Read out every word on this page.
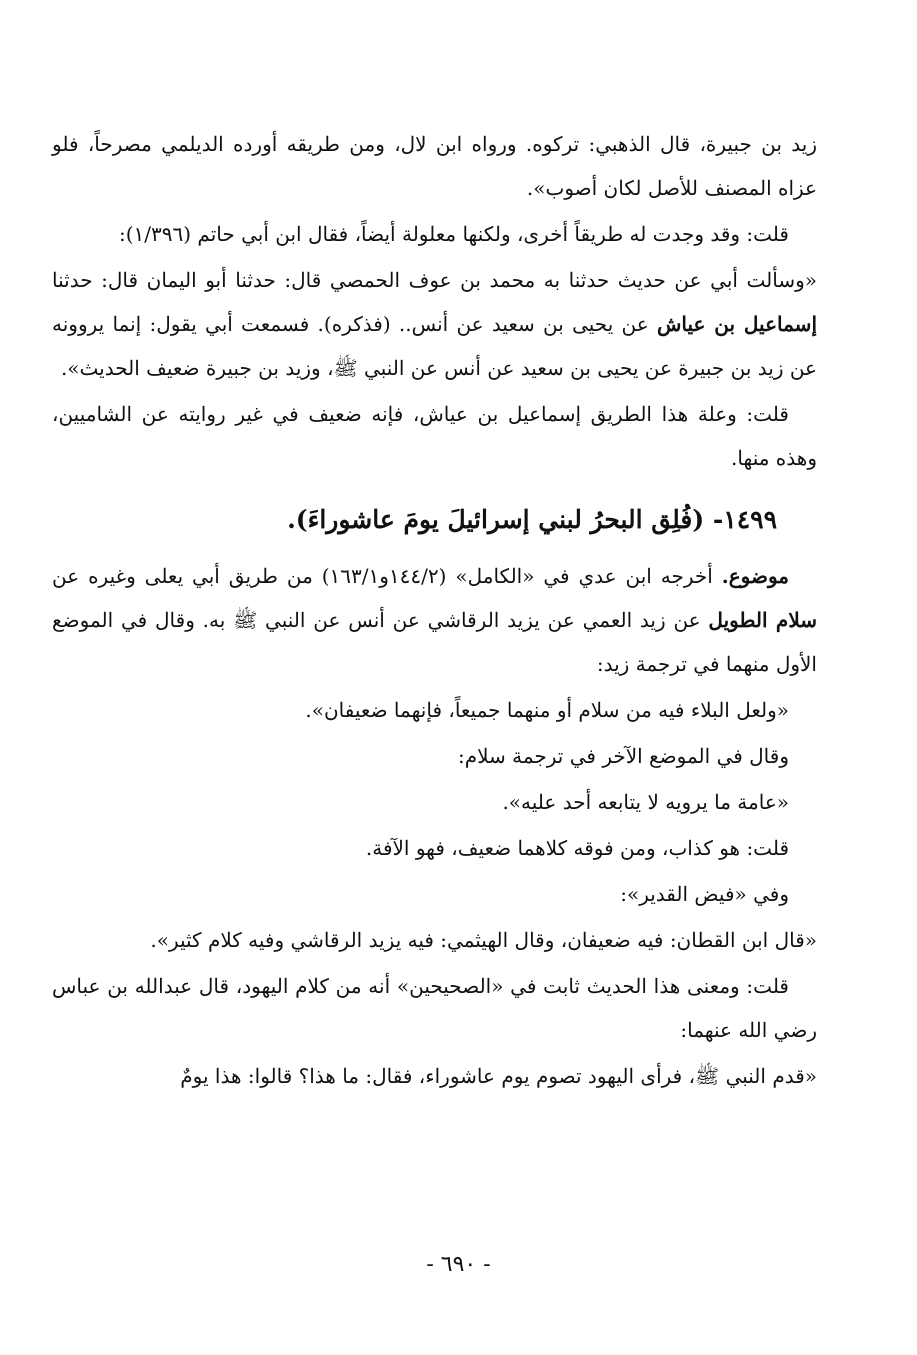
زيد بن جبيرة، قال الذهبي: تركوه. ورواه ابن لال، ومن طريقه أورده الديلمي مصرحاً، فلو عزاه المصنف للأصل لكان أصوب».

قلت: وقد وجدت له طريقاً أخرى، ولكنها معلولة أيضاً، فقال ابن أبي حاتم (١/٣٩٦):

«وسألت أبي عن حديث حدثنا به محمد بن عوف الحمصي قال: حدثنا أبو اليمان قال: حدثنا إسماعيل بن عياش عن يحيى بن سعيد عن أنس.. (فذكره). فسمعت أبي يقول: إنما يروونه عن زيد بن جبيرة عن يحيى بن سعيد عن أنس عن النبي ﷺ، وزيد بن جبيرة ضعيف الحديث».

قلت: وعلة هذا الطريق إسماعيل بن عياش، فإنه ضعيف في غير روايته عن الشاميين، وهذه منها.

١٤٩٩- (فُلِق البحرُ لبني إسرائيلَ يومَ عاشوراءَ).

موضوع. أخرجه ابن عدي في «الكامل» (١٤٤/٢و١٦٣/١) من طريق أبي يعلى وغيره عن سلام الطويل عن زيد العمي عن يزيد الرقاشي عن أنس عن النبي ﷺ به. وقال في الموضع الأول منهما في ترجمة زيد:

«ولعل البلاء فيه من سلام أو منهما جميعاً، فإنهما ضعيفان».

وقال في الموضع الآخر في ترجمة سلام:

«عامة ما يرويه لا يتابعه أحد عليه».

قلت: هو كذاب، ومن فوقه كلاهما ضعيف، فهو الآفة.

وفي «فيض القدير»:

«قال ابن القطان: فيه ضعيفان، وقال الهيثمي: فيه يزيد الرقاشي وفيه كلام كثير».

قلت: ومعنى هذا الحديث ثابت في «الصحيحين» أنه من كلام اليهود، قال عبدالله بن عباس رضي الله عنهما:

«قدم النبي ﷺ، فرأى اليهود تصوم يوم عاشوراء، فقال: ما هذا؟ قالوا: هذا يومٌ

- ٦٩٠ -
